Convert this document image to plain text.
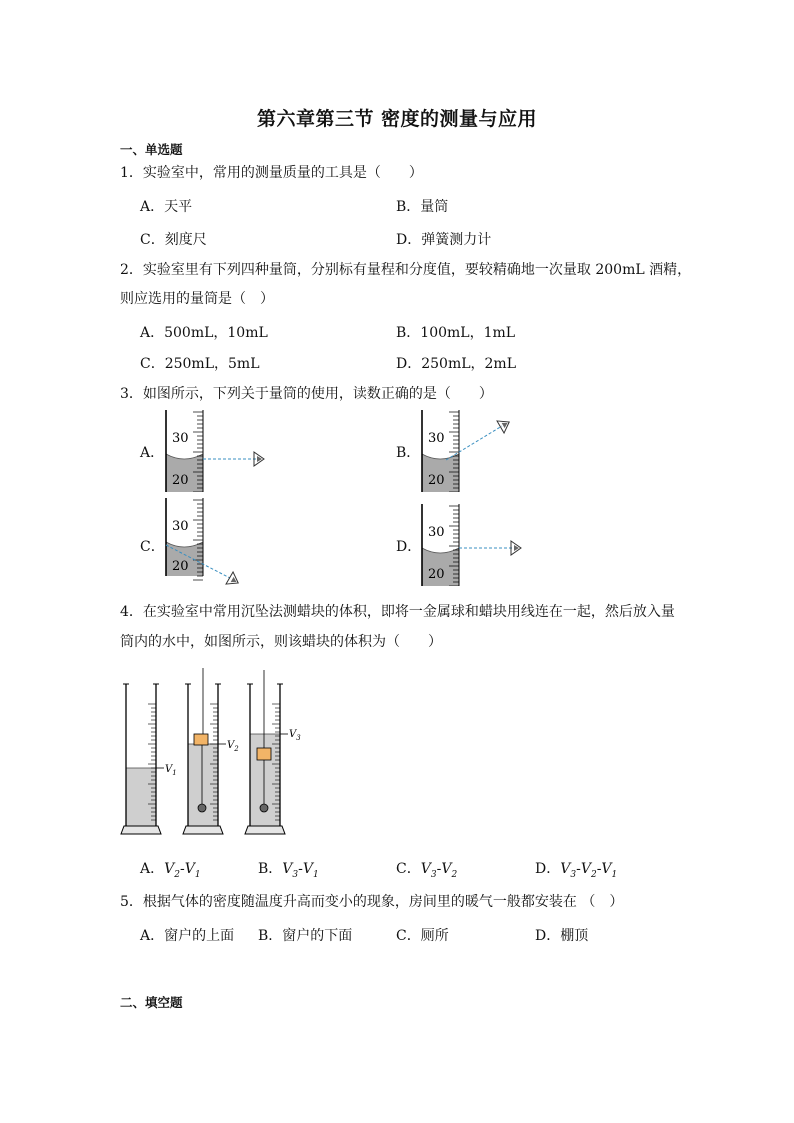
第六章第三节 密度的测量与应用
一、单选题
1．实验室中，常用的测量质量的工具是（　　）
A．天平	B．量筒
C．刻度尺	D．弹簧测力计
2．实验室里有下列四种量筒，分别标有量程和分度值，要较精确地一次量取 200mL 酒精，
则应选用的量筒是（　）
A．500mL，10mL	B．100mL，1mL
C．250mL，5mL	D．250mL，2mL
3．如图所示，下列关于量筒的使用，读数正确的是（　　）
A．	B．
C．	D．
30
20
30
20
30
20
30
20
4．在实验室中常用沉坠法测蜡块的体积，即将一金属球和蜡块用线连在一起，然后放入量
筒内的水中，如图所示，则该蜡块的体积为（　　）
$V_1$
$V_2$
$V_3$
A．$V_2-V_1$	B．$V_3-V_1$	C．$V_3-V_2$	D．$V_3-V_2-V_1$
5．根据气体的密度随温度升高而变小的现象，房间里的暖气一般都安装在 （　）
A．窗户的上面 B．窗户的下面	C．厕所	D．棚顶
二、填空题
